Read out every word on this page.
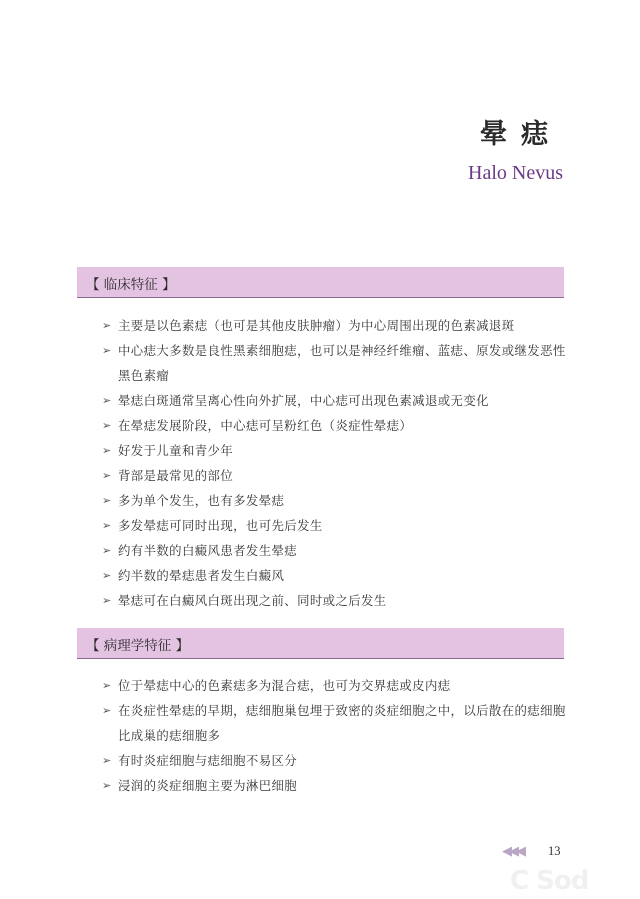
晕痣

Halo Nevus

【 临床特征 】
➢ 主要是以色素痣（也可是其他皮肤肿瘤）为中心周围出现的色素减退斑
➢ 中心痣大多数是良性黑素细胞痣，也可以是神经纤维瘤、蓝痣、原发或继发恶性黑色素瘤
➢ 晕痣白斑通常呈离心性向外扩展，中心痣可出现色素减退或无变化
➢ 在晕痣发展阶段，中心痣可呈粉红色（炎症性晕痣）
➢ 好发于儿童和青少年
➢ 背部是最常见的部位
➢ 多为单个发生，也有多发晕痣
➢ 多发晕痣可同时出现，也可先后发生
➢ 约有半数的白癜风患者发生晕痣
➢ 约半数的晕痣患者发生白癜风
➢ 晕痣可在白癜风白斑出现之前、同时或之后发生
【 病理学特征 】
➢ 位于晕痣中心的色素痣多为混合痣，也可为交界痣或皮内痣
➢ 在炎症性晕痣的早期，痣细胞巢包埋于致密的炎症细胞之中，以后散在的痣细胞比成巢的痣细胞多
➢ 有时炎症细胞与痣细胞不易区分
➢ 浸润的炎症细胞主要为淋巴细胞
◀◀◀ 13
C Sod
